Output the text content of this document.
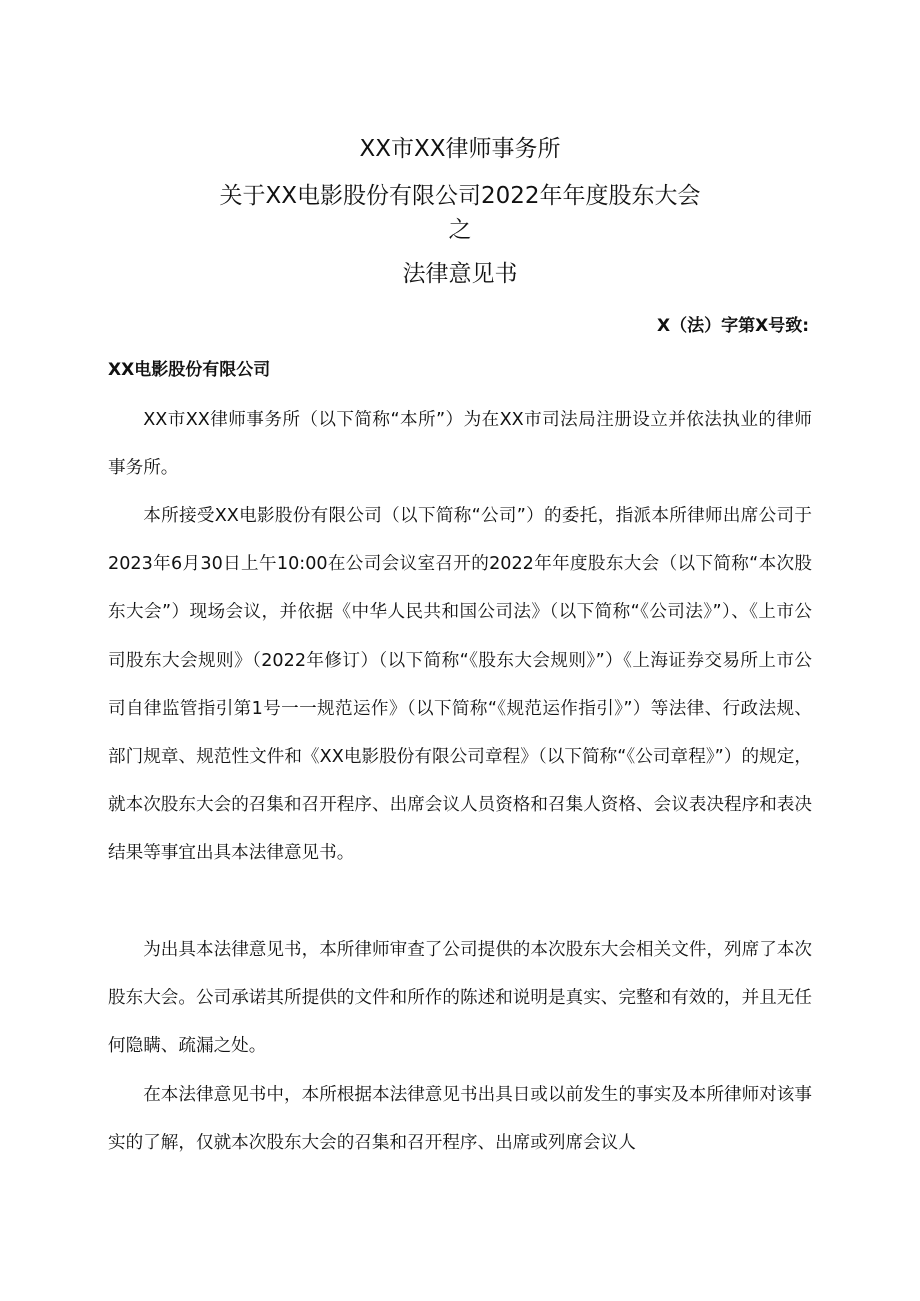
XX市XX律师事务所
关于XX电影股份有限公司2022年年度股东大会
之
法律意见书
X（法）字第X号致:
XX电影股份有限公司

XX市XX律师事务所（以下简称“本所”）为在XX市司法局注册设立并依法执业的律师事务所。

本所接受XX电影股份有限公司（以下简称“公司”）的委托，指派本所律师出席公司于2023年6月30日上午10:00在公司会议室召开的2022年年度股东大会（以下简称“本次股东大会”）现场会议，并依据《中华人民共和国公司法》（以下简称“《公司法》”）、《上市公司股东大会规则》（2022年修订）（以下简称“《股东大会规则》”）《上海证券交易所上市公司自律监管指引第1号一一规范运作》（以下简称“《规范运作指引》”）等法律、行政法规、部门规章、规范性文件和《XX电影股份有限公司章程》（以下简称“《公司章程》”）的规定，就本次股东大会的召集和召开程序、出席会议人员资格和召集人资格、会议表决程序和表决结果等事宜出具本法律意见书。

为出具本法律意见书，本所律师审查了公司提供的本次股东大会相关文件，列席了本次股东大会。公司承诺其所提供的文件和所作的陈述和说明是真实、完整和有效的，并且无任何隐瞒、疏漏之处。

在本法律意见书中，本所根据本法律意见书出具日或以前发生的事实及本所律师对该事实的了解，仅就本次股东大会的召集和召开程序、出席或列席会议人
